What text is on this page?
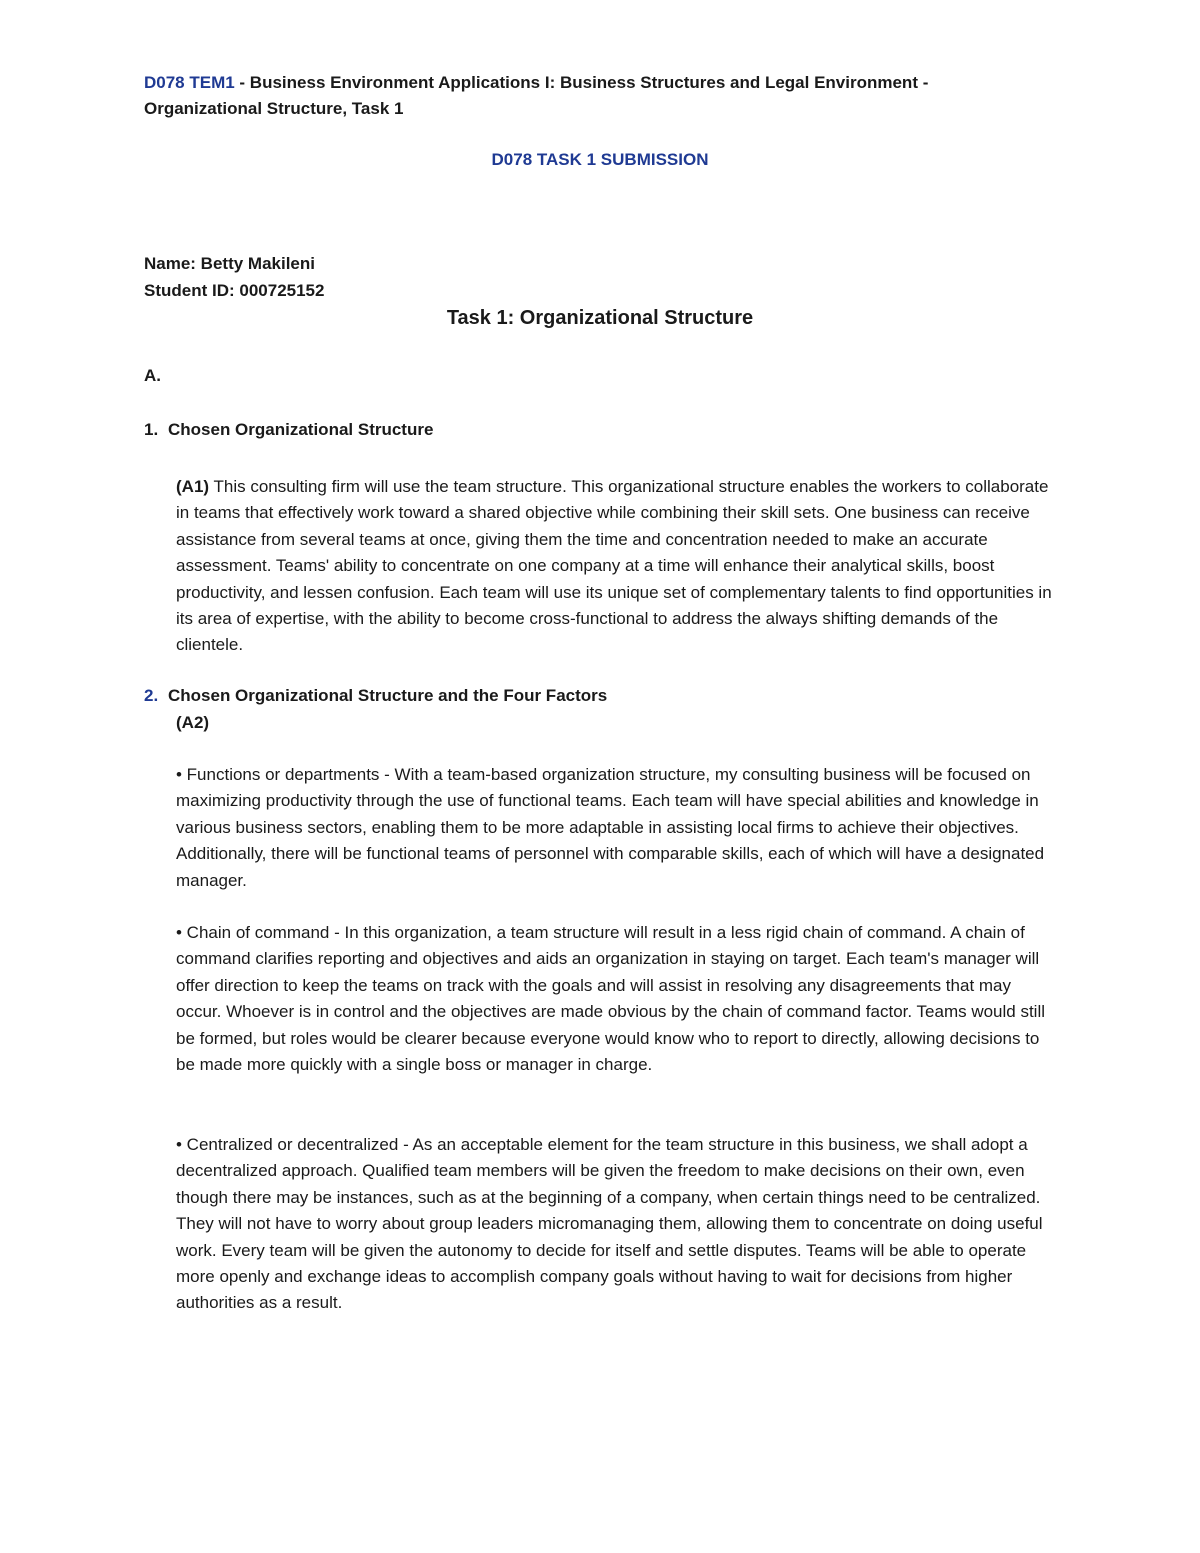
D078 TEM1 - Business Environment Applications I: Business Structures and Legal Environment - Organizational Structure, Task 1
D078 TASK 1 SUBMISSION
Name: Betty Makileni
Student ID: 000725152
Task 1: Organizational Structure
A.
1. Chosen Organizational Structure
(A1) This consulting firm will use the team structure. This organizational structure enables the workers to collaborate in teams that effectively work toward a shared objective while combining their skill sets. One business can receive assistance from several teams at once, giving them the time and concentration needed to make an accurate assessment. Teams' ability to concentrate on one company at a time will enhance their analytical skills, boost productivity, and lessen confusion. Each team will use its unique set of complementary talents to find opportunities in its area of expertise, with the ability to become cross-functional to address the always shifting demands of the clientele.
2. Chosen Organizational Structure and the Four Factors
(A2)
• Functions or departments - With a team-based organization structure, my consulting business will be focused on maximizing productivity through the use of functional teams. Each team will have special abilities and knowledge in various business sectors, enabling them to be more adaptable in assisting local firms to achieve their objectives. Additionally, there will be functional teams of personnel with comparable skills, each of which will have a designated manager.
• Chain of command - In this organization, a team structure will result in a less rigid chain of command. A chain of command clarifies reporting and objectives and aids an organization in staying on target. Each team's manager will offer direction to keep the teams on track with the goals and will assist in resolving any disagreements that may occur. Whoever is in control and the objectives are made obvious by the chain of command factor. Teams would still be formed, but roles would be clearer because everyone would know who to report to directly, allowing decisions to be made more quickly with a single boss or manager in charge.
• Centralized or decentralized - As an acceptable element for the team structure in this business, we shall adopt a decentralized approach. Qualified team members will be given the freedom to make decisions on their own, even though there may be instances, such as at the beginning of a company, when certain things need to be centralized. They will not have to worry about group leaders micromanaging them, allowing them to concentrate on doing useful work. Every team will be given the autonomy to decide for itself and settle disputes. Teams will be able to operate more openly and exchange ideas to accomplish company goals without having to wait for decisions from higher authorities as a result.
